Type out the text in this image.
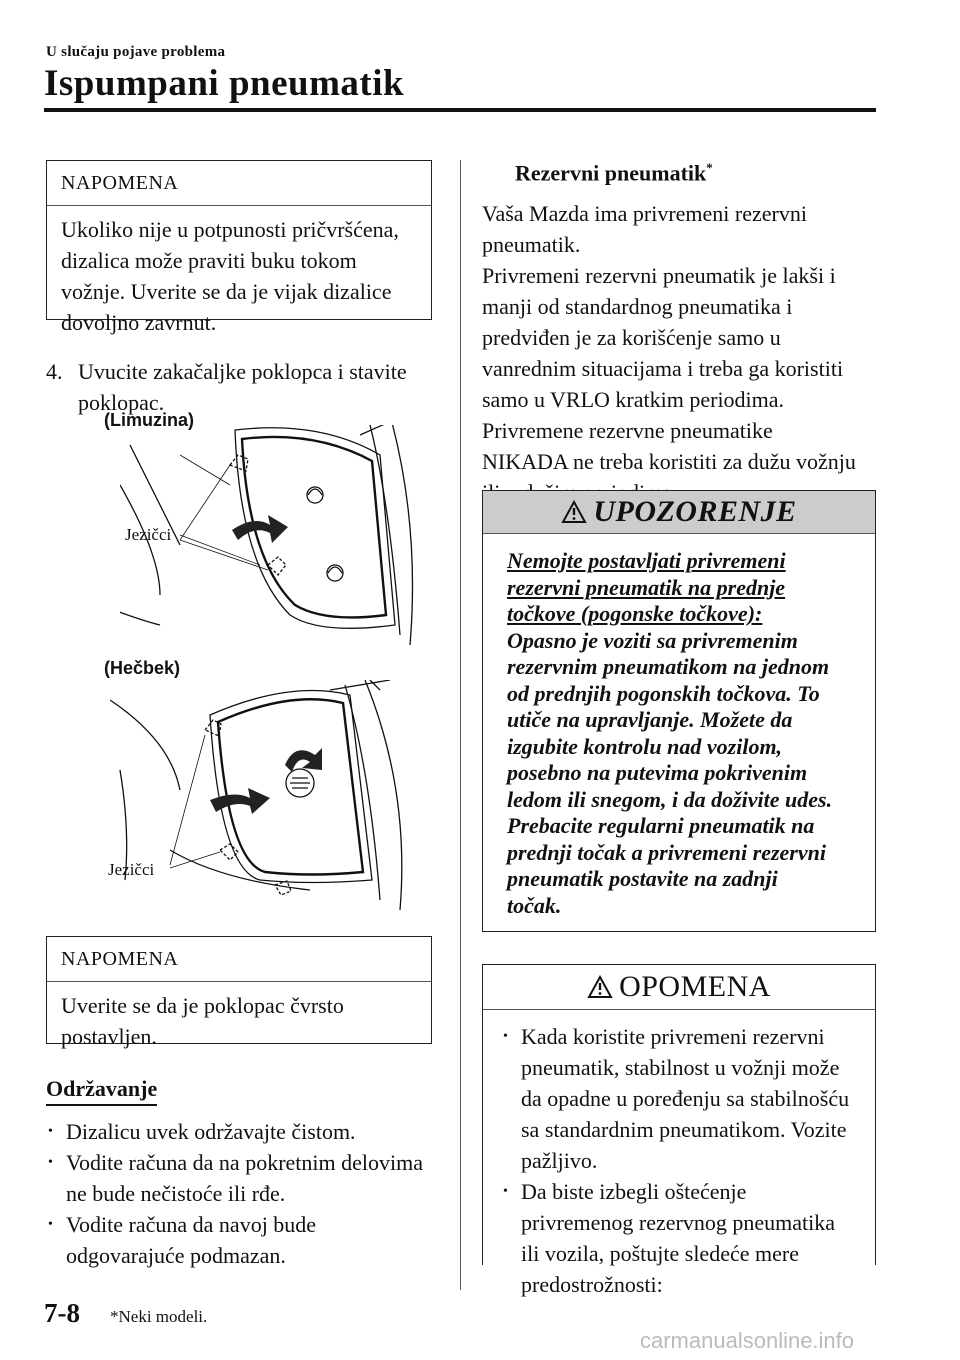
U slučaju pojave problema
Ispumpani pneumatik
NAPOMENA
Ukoliko nije u potpunosti pričvršćena,
dizalica može praviti buku tokom
vožnje. Uverite se da je vijak dizalice
dovoljno zavrnut.
4. Uvucite zakačaljke poklopca i stavite
poklopac.
(Limuzina)
Jezičci
(Hečbek)
Jezičci
NAPOMENA
Uverite se da je poklopac čvrsto
postavljen.
Održavanje
• Dizalicu uvek održavajte čistom.
• Vodite računa da na pokretnim delovima
ne bude nečistoće ili rđe.
• Vodite računa da navoj bude
odgovarajuće podmazan.
Rezervni pneumatik*
Vaša Mazda ima privremeni rezervni
pneumatik.
Privremeni rezervni pneumatik je lakši i
manji od standardnog pneumatika i
predviđen je za korišćenje samo u
vanrednim situacijama i treba ga koristiti
samo u VRLO kratkim periodima.
Privremene rezervne pneumatike
NIKADA ne treba koristiti za dužu vožnju
UPOZORENJE
Nemojte postavljati privremeni
rezervni pneumatik na prednje
točkove (pogonske točkove):
Opasno je voziti sa privremenim
rezervnim pneumatikom na jednom
od prednjih pogonskih točkova. To
utiče na upravljanje. Možete da
izgubite kontrolu nad vozilom,
posebno na putevima pokrivenim
ledom ili snegom, i da doživite udes.
Prebacite regularni pneumatik na
prednji točak a privremeni rezervni
pneumatik postavite na zadnji
točak.
OPOMENA
• Kada koristite privremeni rezervni
pneumatik, stabilnost u vožnji može
da opadne u poređenju sa stabilnošću
sa standardnim pneumatikom. Vozite
pažljivo.
• Da biste izbegli oštećenje
privremenog rezervnog pneumatika
ili vozila, poštujte sledeće mere
predostrožnosti:
7-8 *Neki modeli.
carmanualsonline.info
